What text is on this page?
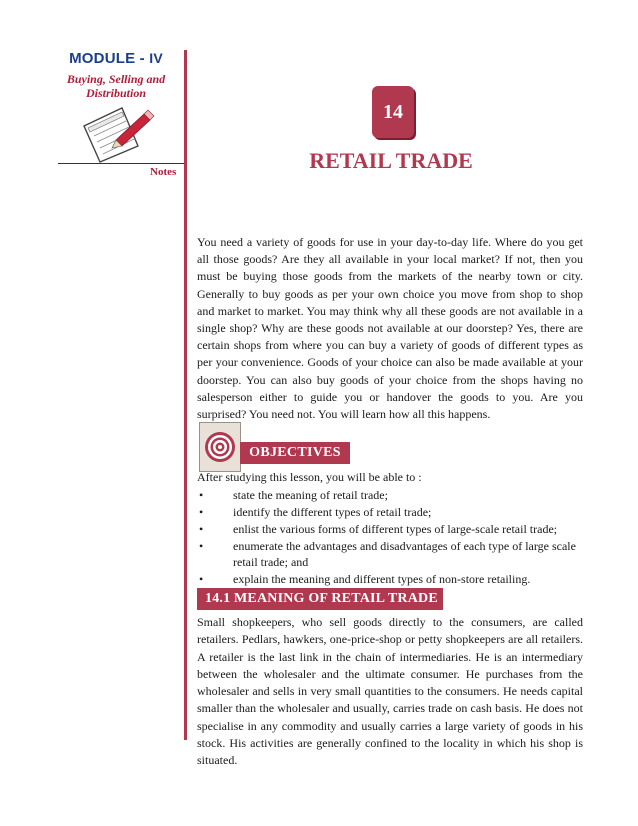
MODULE - IV
Buying, Selling and Distribution
Notes
14
RETAIL TRADE

You need a variety of goods for use in your day-to-day life. Where do you get all those goods? Are they all available in your local market? If not, then you must be buying those goods from the markets of the nearby town or city. Generally to buy goods as per your own choice you move from shop to shop and market to market. You may think why all these goods are not available in a single shop? Why are these goods not available at our doorstep? Yes, there are certain shops from where you can buy a variety of goods of different types as per your convenience. Goods of your choice can also be made available at your doorstep. You can also buy goods of your choice from the shops having no salesperson either to guide you or handover the goods to you. Are you surprised? You need not. You will learn how all this happens.

OBJECTIVES
After studying this lesson, you will be able to :
• state the meaning of retail trade;
• identify the different types of retail trade;
• enlist the various forms of different types of large-scale retail trade;
• enumerate the advantages and disadvantages of each type of large scale retail trade; and
• explain the meaning and different types of non-store retailing.
14.1 MEANING OF RETAIL TRADE

Small shopkeepers, who sell goods directly to the consumers, are called retailers. Pedlars, hawkers, one-price-shop or petty shopkeepers are all retailers. A retailer is the last link in the chain of intermediaries. He is an intermediary between the wholesaler and the ultimate consumer. He purchases from the wholesaler and sells in very small quantities to the consumers. He needs capital smaller than the wholesaler and usually, carries trade on cash basis. He does not specialise in any commodity and usually carries a large variety of goods in his stock. His activities are generally confined to the locality in which his shop is situated.
